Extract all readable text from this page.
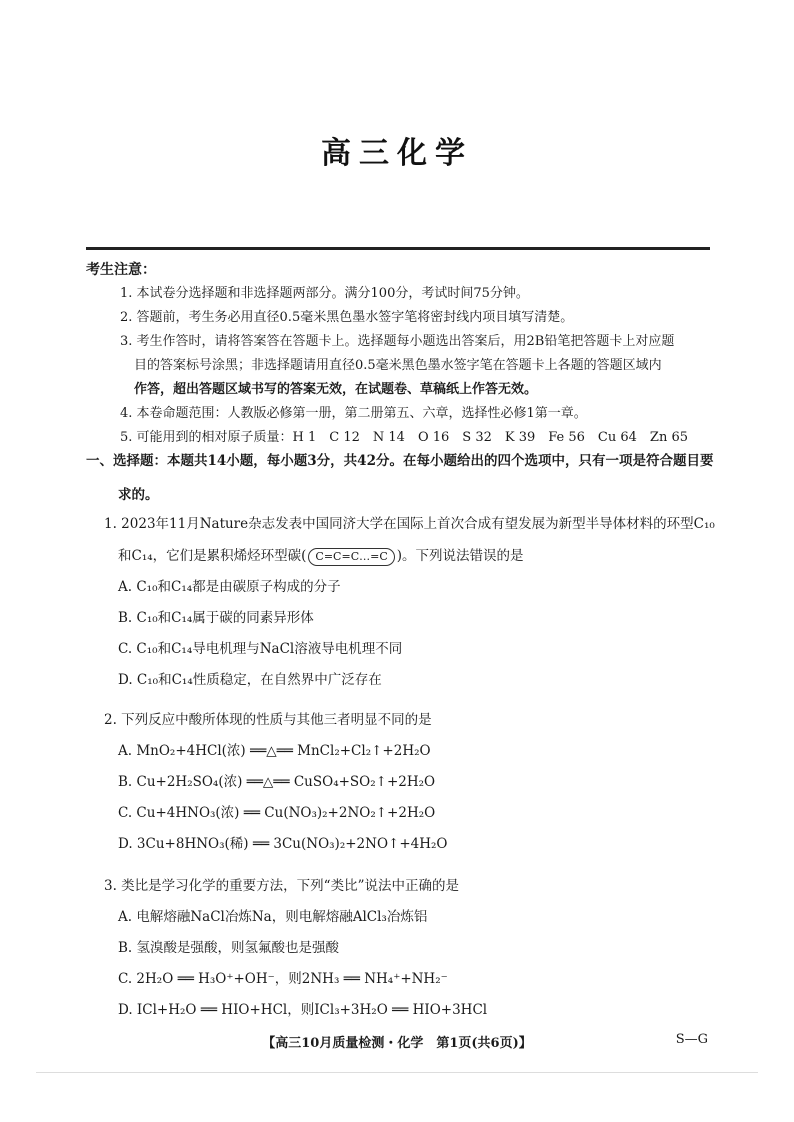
高三化学
考生注意：
1. 本试卷分选择题和非选择题两部分。满分100分，考试时间75分钟。
2. 答题前，考生务必用直径0.5毫米黑色墨水签字笔将密封线内项目填写清楚。
3. 考生作答时，请将答案答在答题卡上。选择题每小题选出答案后，用2B铅笔把答题卡上对应题
目的答案标号涂黑；非选择题请用直径0.5毫米黑色墨水签字笔在答题卡上各题的答题区域内
作答，超出答题区域书写的答案无效，在试题卷、草稿纸上作答无效。
4. 本卷命题范围：人教版必修第一册，第二册第五、六章，选择性必修1第一章。
5. 可能用到的相对原子质量：H 1　C 12　N 14　O 16　S 32　K 39　Fe 56　Cu 64　Zn 65
一、选择题：本题共14小题，每小题3分，共42分。在每小题给出的四个选项中，只有一项是符合题目要
求的。
1. 2023年11月Nature杂志发表中国同济大学在国际上首次合成有望发展为新型半导体材料的环型C₁₀
和C₁₄，它们是累积烯烃环型碳( C=C=C…=C )。下列说法错误的是
A. C₁₀和C₁₄都是由碳原子构成的分子
B. C₁₀和C₁₄属于碳的同素异形体
C. C₁₀和C₁₄导电机理与NaCl溶液导电机理不同
D. C₁₀和C₁₄性质稳定，在自然界中广泛存在
2. 下列反应中酸所体现的性质与其他三者明显不同的是
A. MnO₂+4HCl(浓) ══△══ MnCl₂+Cl₂↑+2H₂O
B. Cu+2H₂SO₄(浓) ══△══ CuSO₄+SO₂↑+2H₂O
C. Cu+4HNO₃(浓) ══ Cu(NO₃)₂+2NO₂↑+2H₂O
D. 3Cu+8HNO₃(稀) ══ 3Cu(NO₃)₂+2NO↑+4H₂O
3. 类比是学习化学的重要方法，下列“类比”说法中正确的是
A. 电解熔融NaCl冶炼Na，则电解熔融AlCl₃冶炼铝
B. 氢溴酸是强酸，则氢氟酸也是强酸
C. 2H₂O ══ H₃O⁺+OH⁻，则2NH₃ ══ NH₄⁺+NH₂⁻
D. ICl+H₂O ══ HIO+HCl，则ICl₃+3H₂O ══ HIO+3HCl
【高三10月质量检测・化学　第1页(共6页)】	S—G
